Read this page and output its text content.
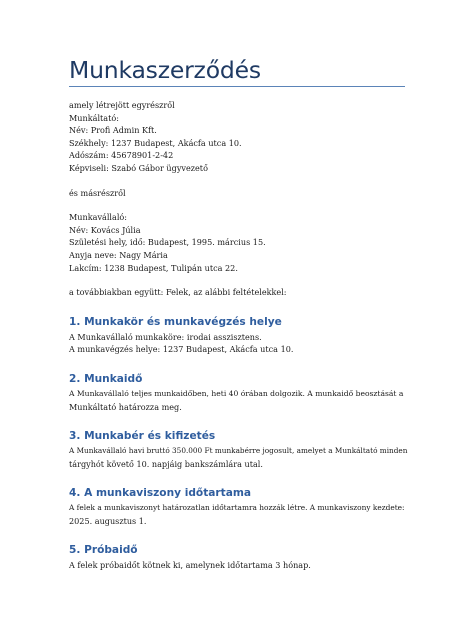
Munkaszerződés

amely létrejött egyrészről

Munkáltató:

Név: Profi Admin Kft.

Székhely: 1237 Budapest, Akácfa utca 10.

Adószám: 45678901-2-42

Képviseli: Szabó Gábor ügyvezető

és másrészről

Munkavállaló:

Név: Kovács Júlia

Születési hely, idő: Budapest, 1995. március 15.

Anyja neve: Nagy Mária

Lakcím: 1238 Budapest, Tulipán utca 22.

a továbbiakban együtt: Felek, az alábbi feltételekkel:

1. Munkakör és munkavégzés helye

A Munkavállaló munkaköre: irodai asszisztens.

A munkavégzés helye: 1237 Budapest, Akácfa utca 10.

2. Munkaidő

A Munkavállaló teljes munkaidőben, heti 40 órában dolgozik. A munkaidő beosztását a

Munkáltató határozza meg.

3. Munkabér és kifizetés

A Munkavállaló havi bruttó 350.000 Ft munkabérre jogosult, amelyet a Munkáltató minden

tárgyhót követő 10. napjáig bankszámlára utal.

4. A munkaviszony időtartama

A felek a munkaviszonyt határozatlan időtartamra hozzák létre. A munkaviszony kezdete:

2025. augusztus 1.

5. Próbaidő

A felek próbaidőt kötnek ki, amelynek időtartama 3 hónap.
